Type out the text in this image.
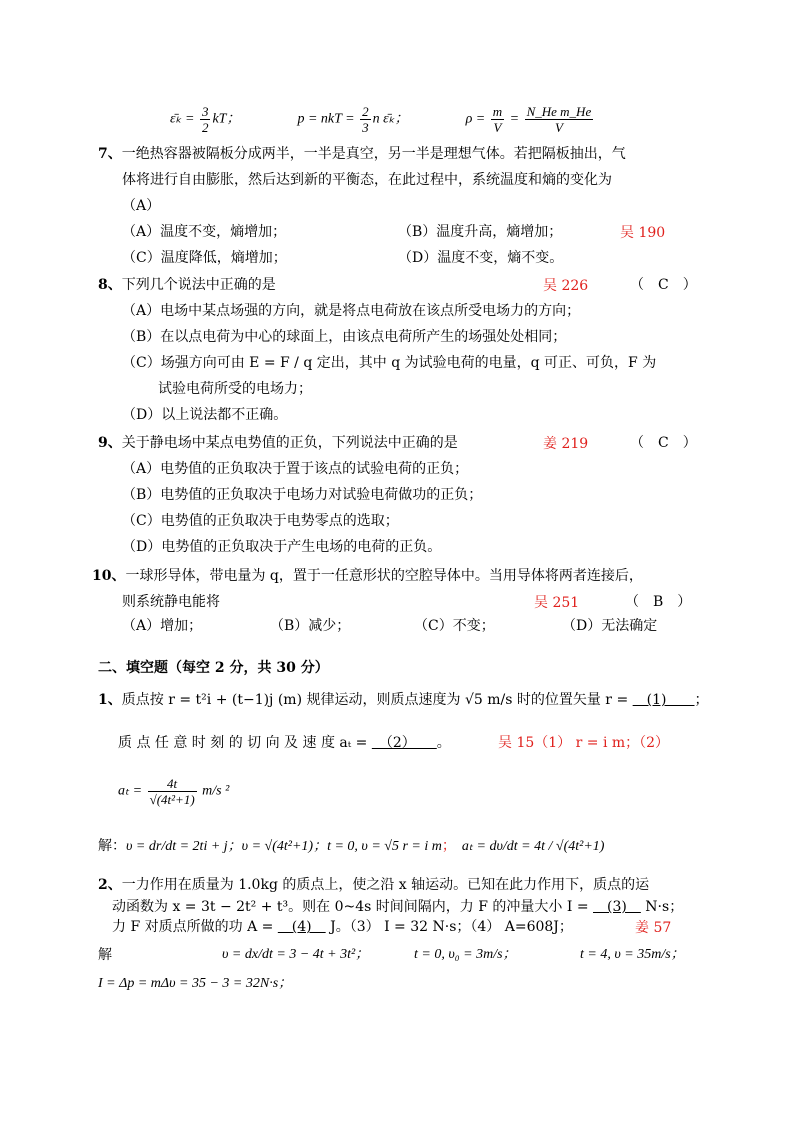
ε̄ₖ = $\frac{3}{2}$ kT；	p = nkT = $\frac{2}{3}$ n ε̄ₖ；	$\rho = \frac{m}{V} = \frac{\text{N\_He m\_He}}{V}$
7、一绝热容器被隔板分成两半，一半是真空，另一半是理想气体。若把隔板抽出，气
体将进行自由膨胀，然后达到新的平衡态，在此过程中，系统温度和熵的变化为
（A）
（A）温度不变，熵增加；	（B）温度升高，熵增加；	吴 190
（C）温度降低，熵增加；	（D）温度不变，熵不变。
8、下列几个说法中正确的是	吴 226	（　C　）
（A）电场中某点场强的方向，就是将点电荷放在该点所受电场力的方向；
（B）在以点电荷为中心的球面上，由该点电荷所产生的场强处处相同；
（C）场强方向可由 E = F / q 定出，其中 q 为试验电荷的电量，q 可正、可负，F 为
试验电荷所受的电场力；
（D）以上说法都不正确。
9、关于静电场中某点电势值的正负，下列说法中正确的是	姜 219	（　C　）
（A）电势值的正负取决于置于该点的试验电荷的正负；
（B）电势值的正负取决于电场力对试验电荷做功的正负；
（C）电势值的正负取决于电势零点的选取；
（D）电势值的正负取决于产生电场的电荷的正负。
10、一球形导体，带电量为 q，置于一任意形状的空腔导体中。当用导体将两者连接后，
则系统静电能将	吴 251	（　B　）
（A）增加；	（B）减少；	（C）不变；	（D）无法确定
二、填空题（每空 2 分，共 30 分）
1、质点按 r = t²i + (t−1)j (m) 规律运动，则质点速度为 √5 m/s 时的位置矢量 r = 　(1)　　；
质 点 任 意 时 刻 的 切 向 及 速 度 aₜ = 　（2）　　。	吴 15（1） r = i m；（2）
$a_t = \frac{4t}{\text{√(4t²+1)}} m/s$ ²
解：υ = dr/dt = 2ti + j；υ = √(4t²+1)；t = 0, υ = √5 r = i m； aₜ = dυ/dt = 4t / √(4t²+1)
2、一力作用在质量为 1.0kg 的质点上，使之沿 x 轴运动。已知在此力作用下，质点的运
动函数为 x = 3t − 2t² + t³。则在 0~4s 时间间隔内，力 F 的冲量大小 I = 　(3)　 N·s；
力 F 对质点所做的功 A = 　(4)　 J。（3） I = 32 N·s；（4） A=608J；	姜 57
解	υ = dx/dt = 3 − 4t + 3t²；	t = 0, υ₀ = 3m/s；	t = 4, υ = 35m/s；
I = Δp = mΔυ = 35 − 3 = 32N·s；
